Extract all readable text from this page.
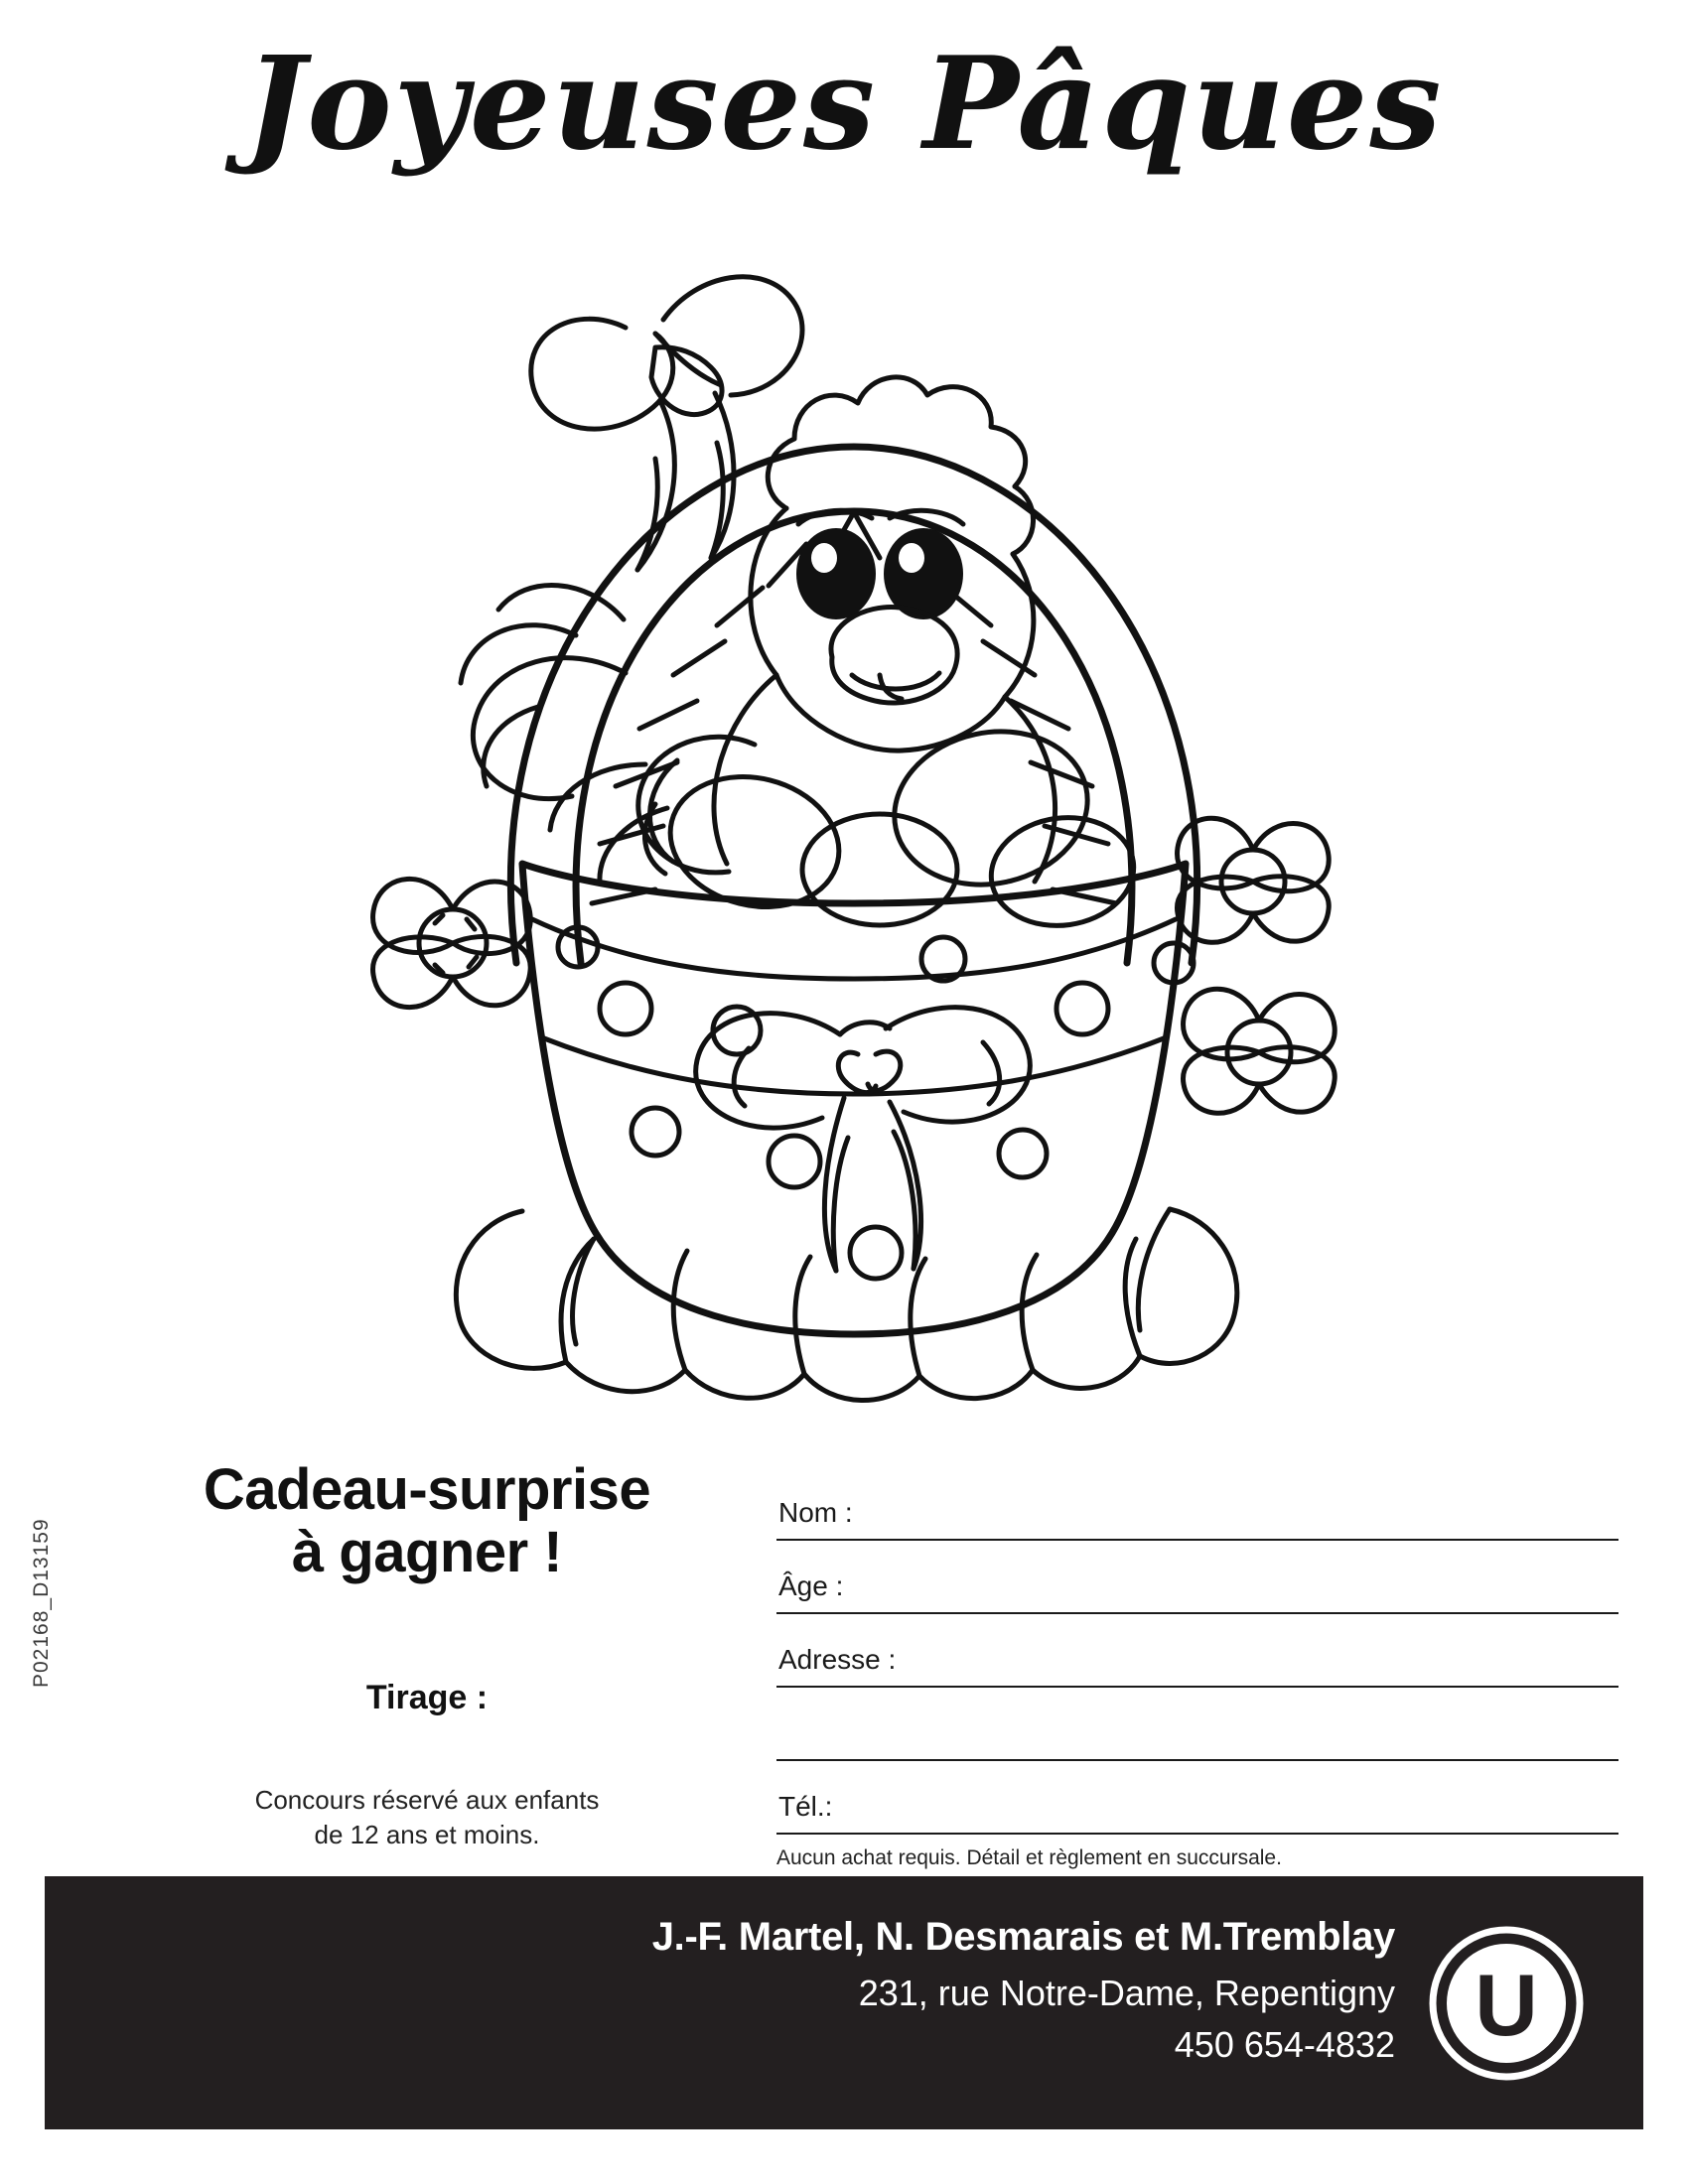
Joyeuses Pâques
Cadeau-surprise
à gagner !
Tirage :
Concours réservé aux enfants
de 12 ans et moins.
P02168_D13159
Nom :
Âge :
Adresse :
Tél.:
Aucun achat requis. Détail et règlement en succursale.
J.-F. Martel, N. Desmarais et M.Tremblay
231, rue Notre-Dame, Repentigny
450 654-4832 U
